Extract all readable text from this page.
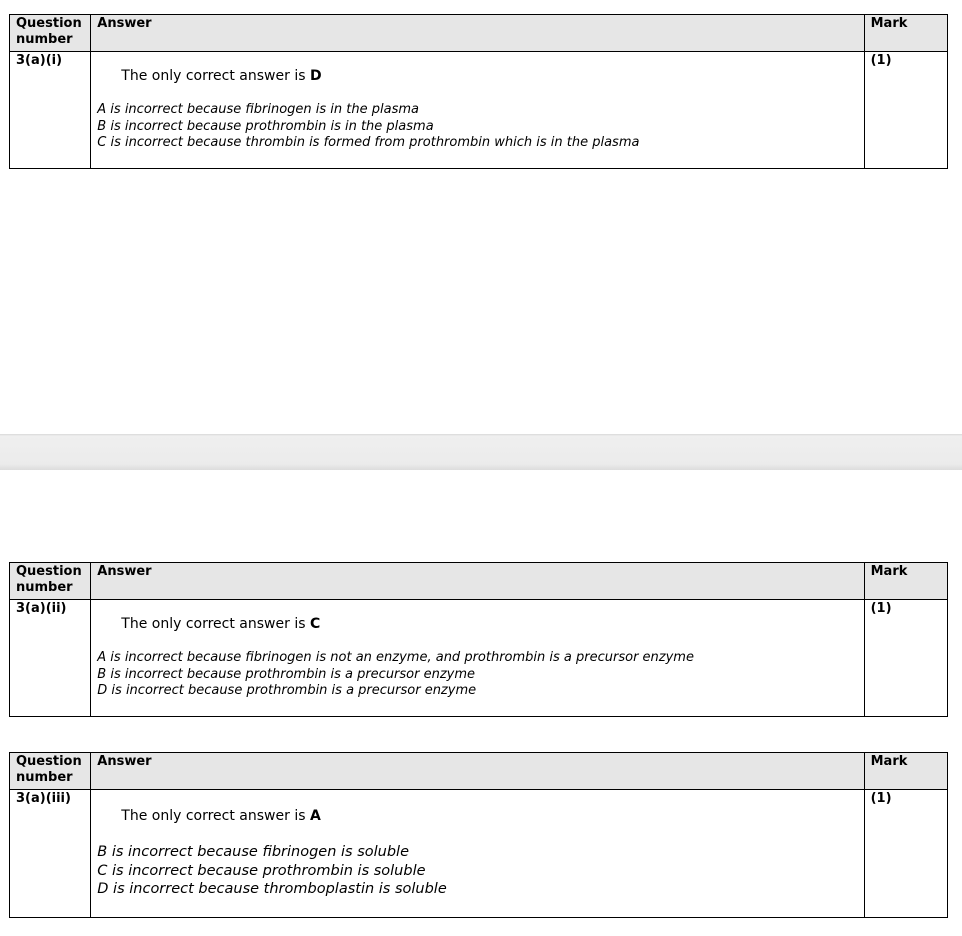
Question number	Answer	Mark
3(a)(i)	The only correct answer is D
A is incorrect because fibrinogen is in the plasma
B is incorrect because prothrombin is in the plasma
C is incorrect because thrombin is formed from prothrombin which is in the plasma	(1)
Question number	Answer	Mark
3(a)(ii)	The only correct answer is C
A is incorrect because fibrinogen is not an enzyme, and prothrombin is a precursor enzyme
B is incorrect because prothrombin is a precursor enzyme
D is incorrect because prothrombin is a precursor enzyme	(1)
Question number	Answer	Mark
3(a)(iii)	The only correct answer is A
B is incorrect because fibrinogen is soluble
C is incorrect because prothrombin is soluble
D is incorrect because thromboplastin is soluble	(1)
